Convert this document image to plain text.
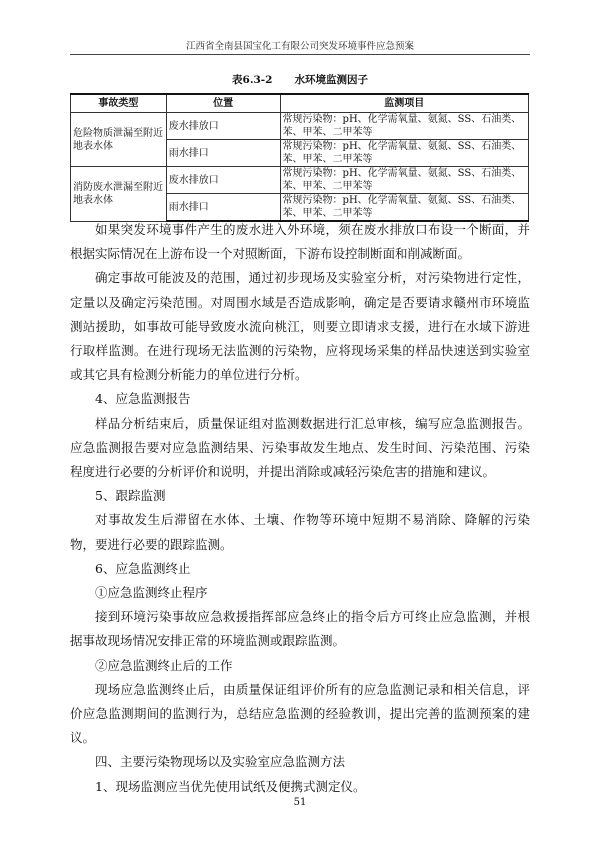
江西省全南县国宝化工有限公司突发环境事件应急预案
表6.3-2 水环境监测因子
事故类型	位置	监测项目
危险物质泄漏至附近地表水体	废水排放口	常规污染物：pH、化学需氧量、氨氮、SS、石油类、苯、甲苯、二甲苯等
	雨水排口	常规污染物：pH、化学需氧量、氨氮、SS、石油类、苯、甲苯、二甲苯等
消防废水泄漏至附近地表水体	废水排放口	常规污染物：pH、化学需氧量、氨氮、SS、石油类、苯、甲苯、二甲苯等
	雨水排口	常规污染物：pH、化学需氧量、氨氮、SS、石油类、苯、甲苯、二甲苯等

如果突发环境事件产生的废水进入外环境，须在废水排放口布设一个断面，并根据实际情况在上游布设一个对照断面，下游布设控制断面和削减断面。

确定事故可能波及的范围，通过初步现场及实验室分析，对污染物进行定性，定量以及确定污染范围。对周围水域是否造成影响，确定是否要请求赣州市环境监测站援助，如事故可能导致废水流向桃江，则要立即请求支援，进行在水域下游进行取样监测。在进行现场无法监测的污染物，应将现场采集的样品快速送到实验室或其它具有检测分析能力的单位进行分析。

4、应急监测报告

样品分析结束后，质量保证组对监测数据进行汇总审核，编写应急监测报告。应急监测报告要对应急监测结果、污染事故发生地点、发生时间、污染范围、污染程度进行必要的分析评价和说明，并提出消除或减轻污染危害的措施和建议。

5、跟踪监测

对事故发生后滞留在水体、土壤、作物等环境中短期不易消除、降解的污染物，要进行必要的跟踪监测。

6、应急监测终止

①应急监测终止程序

接到环境污染事故应急救援指挥部应急终止的指令后方可终止应急监测，并根据事故现场情况安排正常的环境监测或跟踪监测。

②应急监测终止后的工作

现场应急监测终止后，由质量保证组评价所有的应急监测记录和相关信息，评价应急监测期间的监测行为，总结应急监测的经验教训，提出完善的监测预案的建议。

四、主要污染物现场以及实验室应急监测方法

1、现场监测应当优先使用试纸及便携式测定仪。

51
